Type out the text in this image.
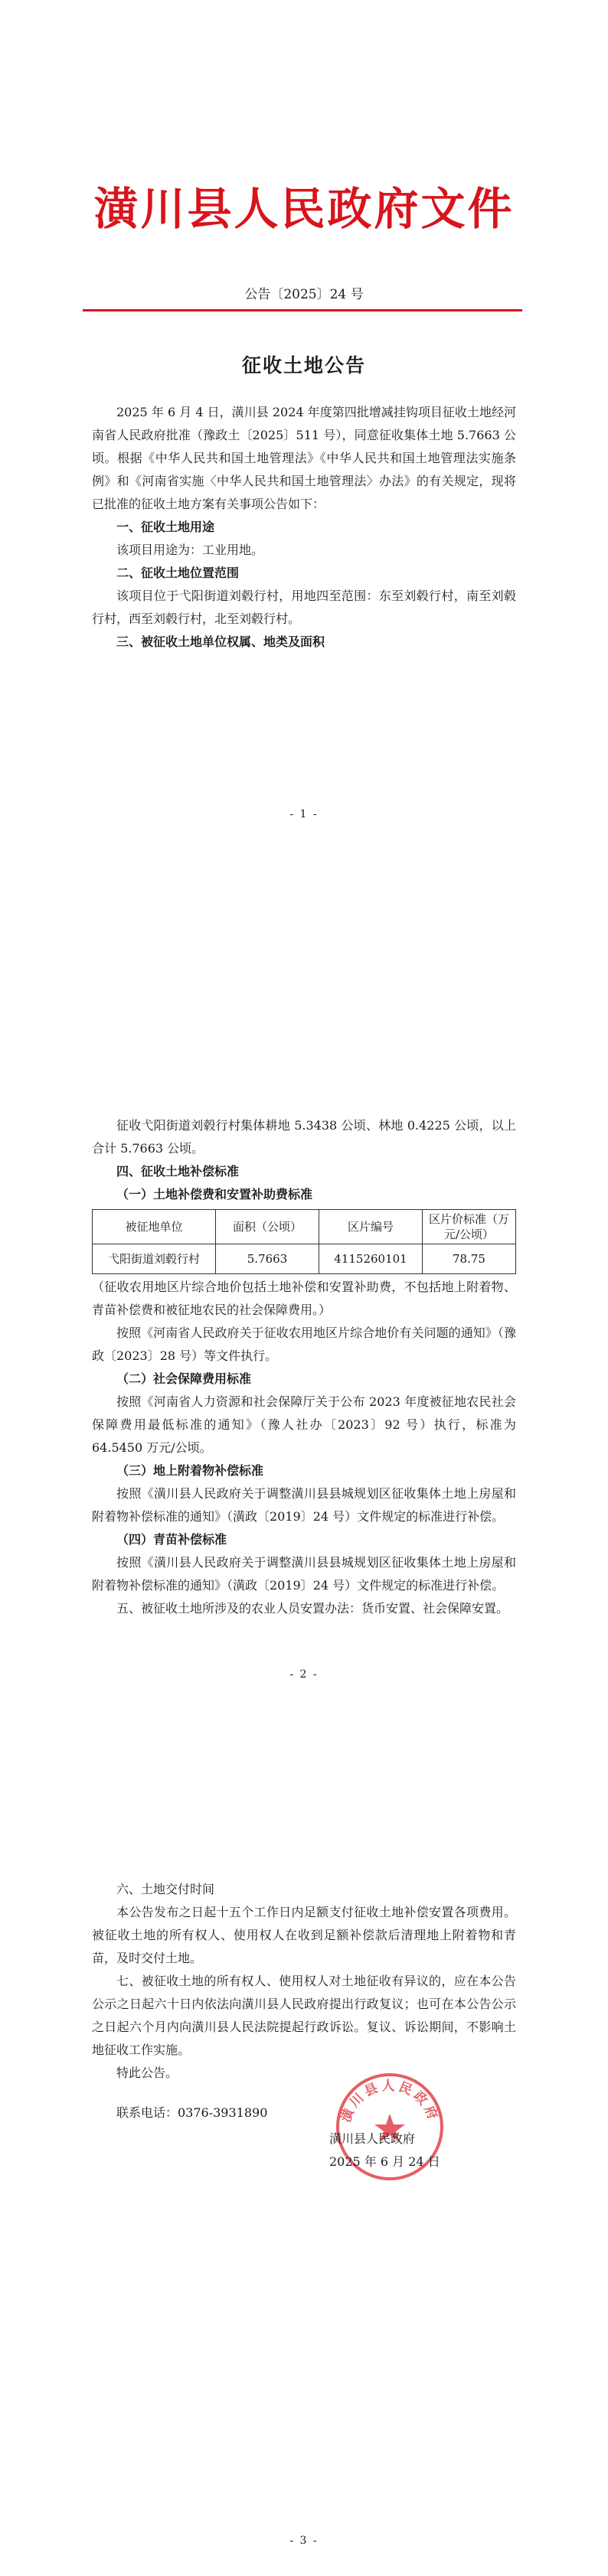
潢川县人民政府文件
公告〔2025〕24 号
征收土地公告

2025 年 6 月 4 日，潢川县 2024 年度第四批增减挂钩项目征收土地经河南省人民政府批准（豫政土〔2025〕511 号），同意征收集体土地 5.7663 公顷。根据《中华人民共和国土地管理法》《中华人民共和国土地管理法实施条例》和《河南省实施〈中华人民共和国土地管理法〉办法》的有关规定，现将已批准的征收土地方案有关事项公告如下：

一、征收土地用途

该项目用途为：工业用地。

二、征收土地位置范围

该项目位于弋阳街道刘毂行村，用地四至范围：东至刘毂行村，南至刘毂行村，西至刘毂行村，北至刘毂行村。

三、被征收土地单位权属、地类及面积
- 1 -

征收弋阳街道刘毂行村集体耕地 5.3438 公顷、林地 0.4225 公顷，以上合计 5.7663 公顷。

四、征收土地补偿标准
（一）土地补偿费和安置补助费标准
被征地单位	面积（公顷）	区片编号	区片价标准（万元/公顷）
弋阳街道刘毂行村	5.7663	4115260101	78.75

（征收农用地区片综合地价包括土地补偿和安置补助费，不包括地上附着物、青苗补偿费和被征地农民的社会保障费用。）

按照《河南省人民政府关于征收农用地区片综合地价有关问题的通知》（豫政〔2023〕28 号）等文件执行。

（二）社会保障费用标准

按照《河南省人力资源和社会保障厅关于公布 2023 年度被征地农民社会保障费用最低标准的通知》（豫人社办〔2023〕92 号）执行，标准为 64.5450 万元/公顷。

（三）地上附着物补偿标准

按照《潢川县人民政府关于调整潢川县县城规划区征收集体土地上房屋和附着物补偿标准的通知》（潢政〔2019〕24 号）文件规定的标准进行补偿。

（四）青苗补偿标准

按照《潢川县人民政府关于调整潢川县县城规划区征收集体土地上房屋和附着物补偿标准的通知》（潢政〔2019〕24 号）文件规定的标准进行补偿。

五、被征收土地所涉及的农业人员安置办法：货币安置、社会保障安置。

- 2 -
六、土地交付时间

本公告发布之日起十五个工作日内足额支付征收土地补偿安置各项费用。被征收土地的所有权人、使用权人在收到足额补偿款后清理地上附着物和青苗，及时交付土地。

七、被征收土地的所有权人、使用权人对土地征收有异议的，应在本公告公示之日起六十日内依法向潢川县人民政府提出行政复议；也可在本公告公示之日起六个月内向潢川县人民法院提起行政诉讼。复议、诉讼期间，不影响土地征收工作实施。

特此公告。

联系电话：0376-3931890	潢川县人民政府
潢川县人民政府
2025 年 6 月 24 日
- 3 -
